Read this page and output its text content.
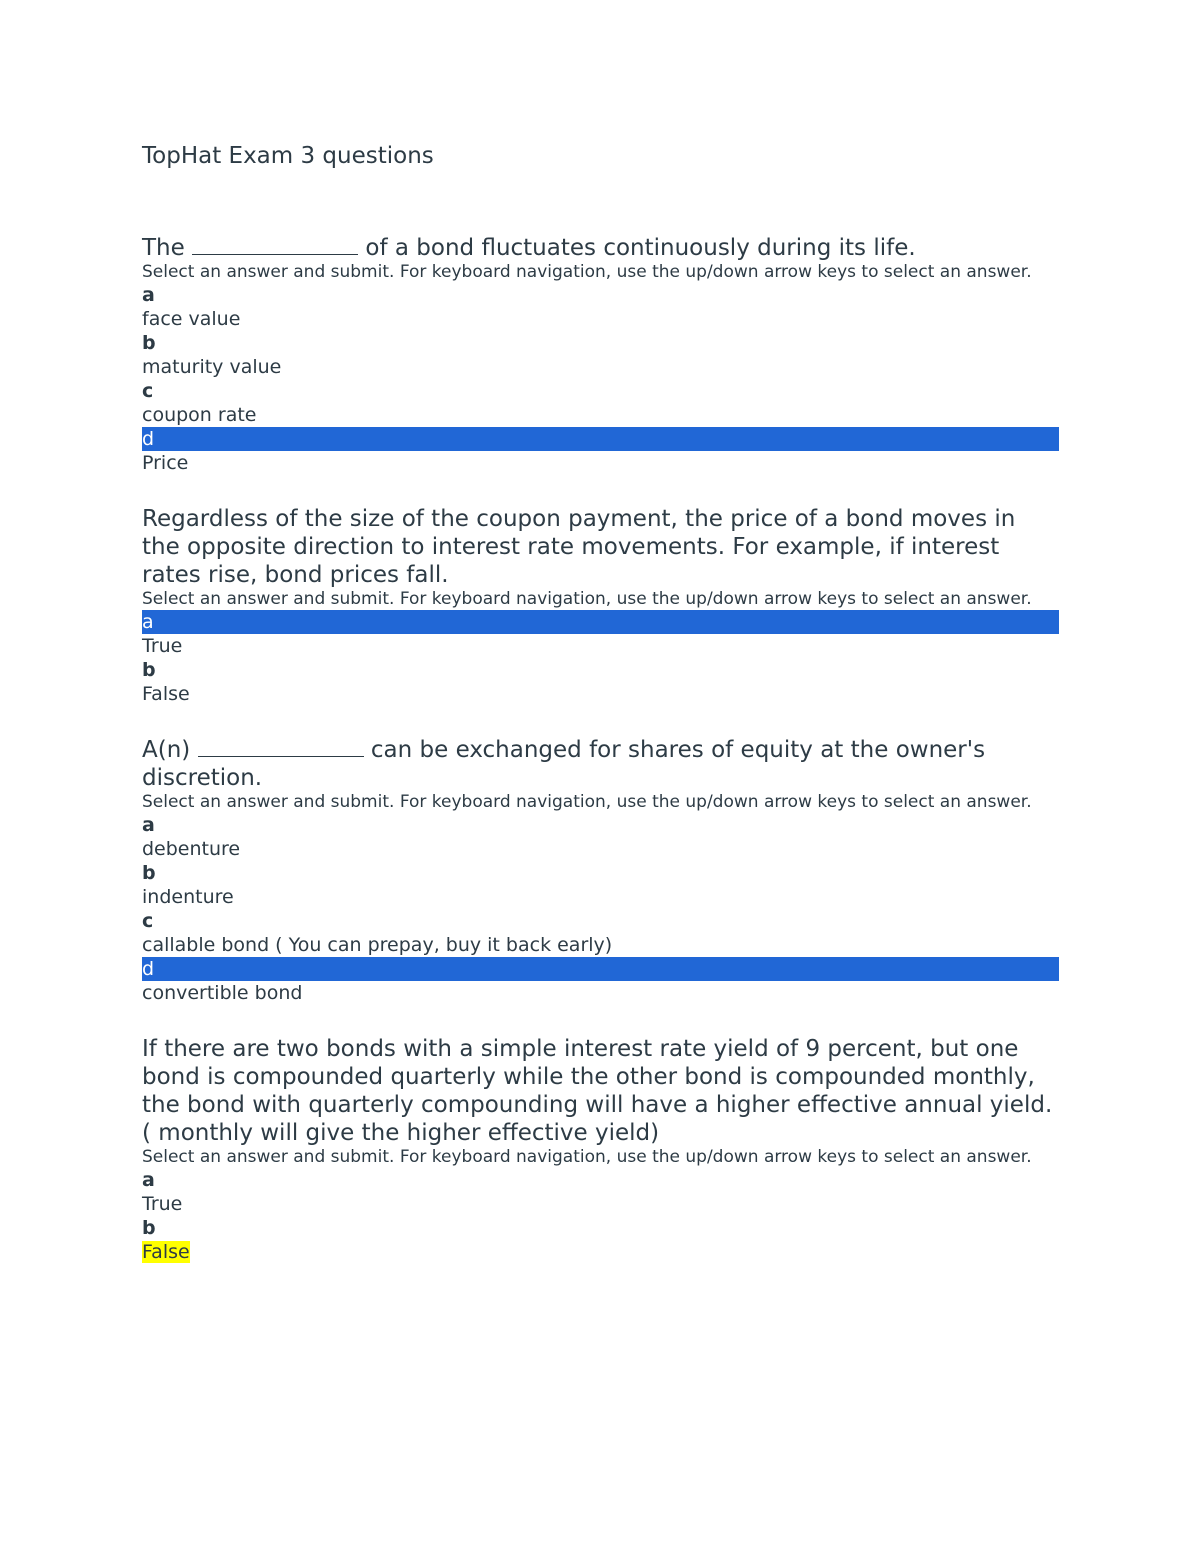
TopHat Exam 3 questions

The	of a bond fluctuates continuously during its life.

Select an answer and submit. For keyboard navigation, use the up/down arrow keys to select an answer.

a
face value
b
maturity value
c
coupon rate
d
Price

Regardless of the size of the coupon payment, the price of a bond moves in the opposite direction to interest rate movements. For example, if interest rates rise, bond prices fall.

Select an answer and submit. For keyboard navigation, use the up/down arrow keys to select an answer.

a
True
b
False

A(n)	can be exchanged for shares of equity at the owner's discretion.

Select an answer and submit. For keyboard navigation, use the up/down arrow keys to select an answer.

a
debenture
b
indenture
c
callable bond ( You can prepay, buy it back early)
d
convertible bond

If there are two bonds with a simple interest rate yield of 9 percent, but one bond is compounded quarterly while the other bond is compounded monthly, the bond with quarterly compounding will have a higher effective annual yield. ( monthly will give the higher effective yield)

Select an answer and submit. For keyboard navigation, use the up/down arrow keys to select an answer.

a
True
b
False
